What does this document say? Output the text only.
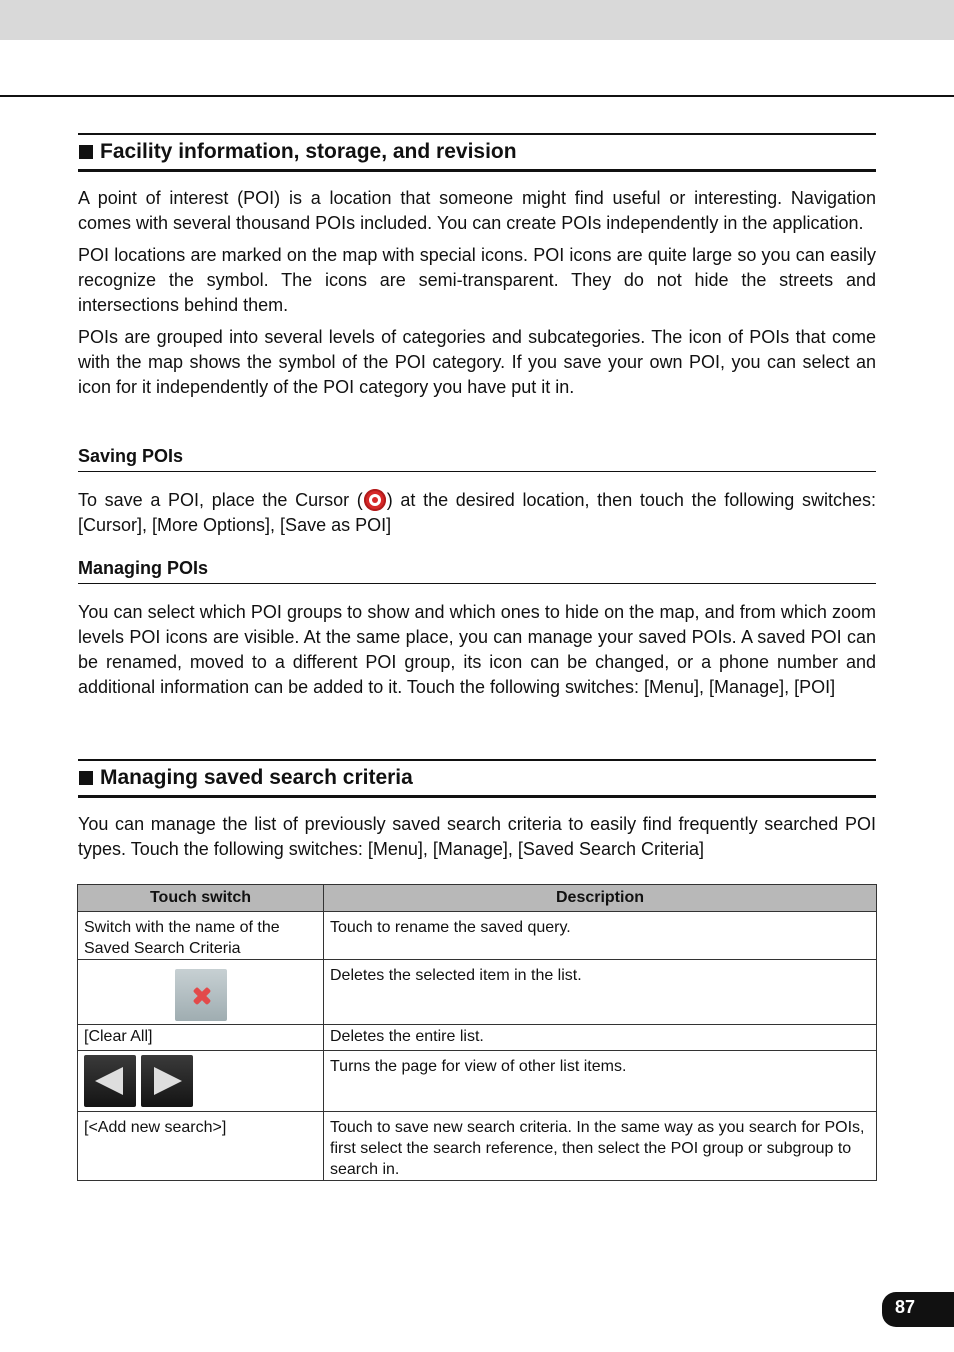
Facility information, storage, and revision

A point of interest (POI) is a location that someone might find useful or interesting. Navigation comes with several thousand POIs included. You can create POIs independently in the application.

POI locations are marked on the map with special icons. POI icons are quite large so you can easily recognize the symbol. The icons are semi-transparent. They do not hide the streets and intersections behind them.

POIs are grouped into several levels of categories and subcategories. The icon of POIs that come with the map shows the symbol of the POI category. If you save your own POI, you can select an icon for it independently of the POI category you have put it in.

Saving POIs

To save a POI, place the Cursor ( ) at the desired location, then touch the following switches: [Cursor], [More Options], [Save as POI]

Managing POIs

You can select which POI groups to show and which ones to hide on the map, and from which zoom levels POI icons are visible. At the same place, you can manage your saved POIs. A saved POI can be renamed, moved to a different POI group, its icon can be changed, or a phone number and additional information can be added to it. Touch the following switches: [Menu], [Manage], [POI]

Managing saved search criteria

You can manage the list of previously saved search criteria to easily find frequently searched POI types. Touch the following switches: [Menu], [Manage], [Saved Search Criteria]

Touch switch	Description
Switch with the name of the Saved Search Criteria	Touch to rename the saved query.

	Deletes the selected item in the list.
[Clear All]	Deletes the entire list.

	Turns the page for view of other list items.
[<Add new search>]	Touch to save new search criteria. In the same way as you search for POIs, first select the search reference, then select the POI group or subgroup to search in.
87
